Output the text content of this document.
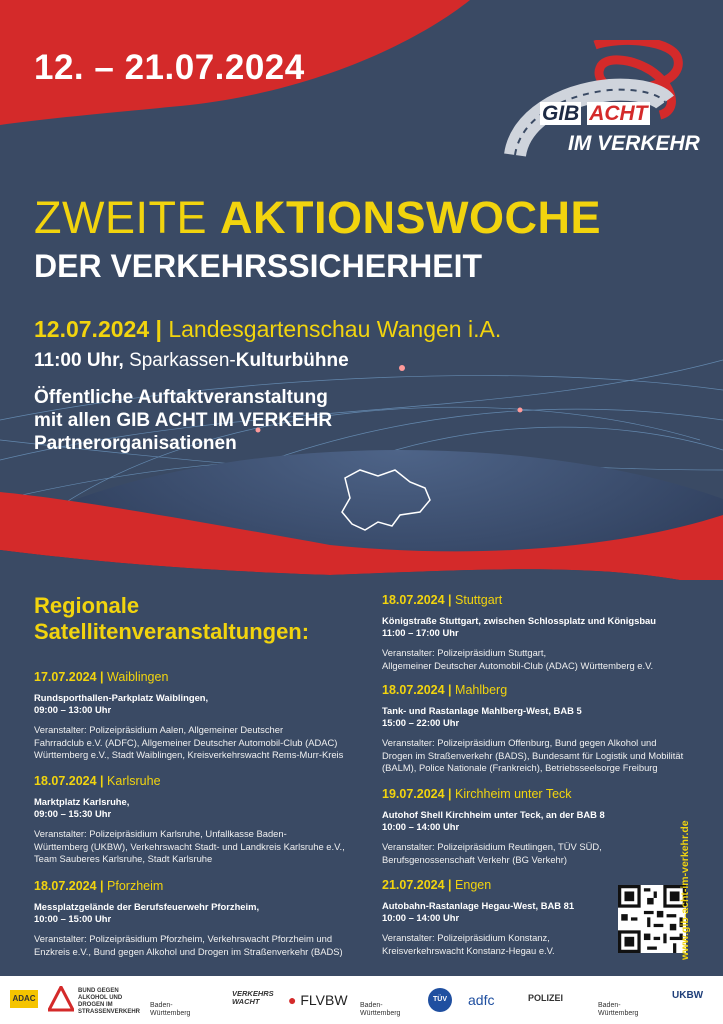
12. – 21.07.2024
GIB ACHT
IM VERKEHR
ZWEITE AKTIONSWOCHE
DER VERKEHRSSICHERHEIT
12.07.2024 | Landesgartenschau Wangen i.A.
11:00 Uhr, Sparkassen-Kulturbühne
Öffentliche Auftaktveranstaltung
mit allen GIB ACHT IM VERKEHR
Partnerorganisationen
Regionale
Satellitenveranstaltungen:
17.07.2024 | Waiblingen
Rundsporthallen-Parkplatz Waiblingen,
09:00 – 13:00 Uhr
Veranstalter: Polizeipräsidium Aalen, Allgemeiner Deutscher
Fahrradclub e.V. (ADFC), Allgemeiner Deutscher Automobil-Club (ADAC)
Württemberg e.V., Stadt Waiblingen, Kreisverkehrswacht Rems-Murr-Kreis
18.07.2024 | Karlsruhe
Marktplatz Karlsruhe,
09:00 – 15:30 Uhr
Veranstalter: Polizeipräsidium Karlsruhe, Unfallkasse Baden-
Württemberg (UKBW), Verkehrswacht Stadt- und Landkreis Karlsruhe e.V.,
Team Sauberes Karlsruhe, Stadt Karlsruhe
18.07.2024 | Pforzheim
Messplatzgelände der Berufsfeuerwehr Pforzheim,
10:00 – 15:00 Uhr
Veranstalter: Polizeipräsidium Pforzheim, Verkehrswacht Pforzheim und
Enzkreis e.V., Bund gegen Alkohol und Drogen im Straßenverkehr (BADS)
18.07.2024 | Stuttgart
Königstraße Stuttgart, zwischen Schlossplatz und Königsbau
11:00 – 17:00 Uhr
Veranstalter: Polizeipräsidium Stuttgart,
Allgemeiner Deutscher Automobil-Club (ADAC) Württemberg e.V.
18.07.2024 | Mahlberg
Tank- und Rastanlage Mahlberg-West, BAB 5
15:00 – 22:00 Uhr
Veranstalter: Polizeipräsidium Offenburg, Bund gegen Alkohol und
Drogen im Straßenverkehr (BADS), Bundesamt für Logistik und Mobilität
(BALM), Police Nationale (Frankreich), Betriebsseelsorge Freiburg
19.07.2024 | Kirchheim unter Teck
Autohof Shell Kirchheim unter Teck, an der BAB 8
10:00 – 14:00 Uhr
Veranstalter: Polizeipräsidium Reutlingen, TÜV SÜD,
Berufsgenossenschaft Verkehr (BG Verkehr)
21.07.2024 | Engen
Autobahn-Rastanlage Hegau-West, BAB 81
10:00 – 14:00 Uhr
Veranstalter: Polizeipräsidium Konstanz,
Kreisverkehrswacht Konstanz-Hegau e.V.	www.gib-acht-im-verkehr.de
ADAC
BUND GEGEN ALKOHOL UND DROGEN IM STRASSENVERKEHR
Baden-Württemberg
VERKEHRS WACHT	● FLVBW Baden-Württemberg
TÜV	adfc	POLIZEI
Baden-Württemberg
UKBW
